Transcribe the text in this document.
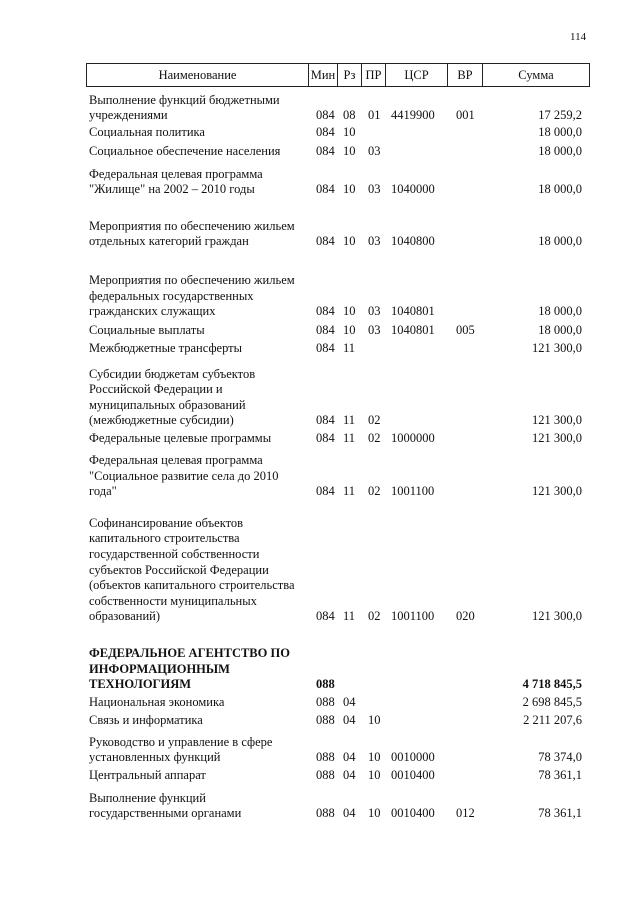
114
Наименование	Мин Рз ПР	ЦСР	ВР	Сумма
Выполнение функций бюджетными учреждениями	084 08 01 4419900 001	17 259,2
Социальная политика	084 10	18 000,0
Социальное обеспечение населения	084 10 03	18 000,0
Федеральная целевая программа "Жилище" на 2002 – 2010 годы	084 10 03 1040000	18 000,0
Мероприятия по обеспечению жильем отдельных категорий граждан	084 10 03 1040800	18 000,0
Мероприятия по обеспечению жильем федеральных государственных гражданских служащих	084 10 03 1040801	18 000,0
Социальные выплаты	084 10 03 1040801 005	18 000,0
Межбюджетные трансферты	084 11	121 300,0
Субсидии бюджетам субъектов Российской Федерации и муниципальных образований (межбюджетные субсидии)	084 11 02	121 300,0
Федеральные целевые программы	084 11 02 1000000	121 300,0
Федеральная целевая программа "Социальное развитие села до 2010 года"	084 11 02 1001100	121 300,0
Софинансирование объектов капитального строительства государственной собственности субъектов Российской Федерации (объектов капитального строительства собственности муниципальных образований)	084 11 02 1001100 020	121 300,0
ФЕДЕРАЛЬНОЕ АГЕНТСТВО ПО ИНФОРМАЦИОННЫМ ТЕХНОЛОГИЯМ	088	4 718 845,5
Национальная экономика	088 04	2 698 845,5
Связь и информатика	088 04 10	2 211 207,6
Руководство и управление в сфере установленных функций	088 04 10 0010000	78 374,0
Центральный аппарат	088 04 10 0010400	78 361,1
Выполнение функций государственными органами	088 04 10 0010400 012	78 361,1
